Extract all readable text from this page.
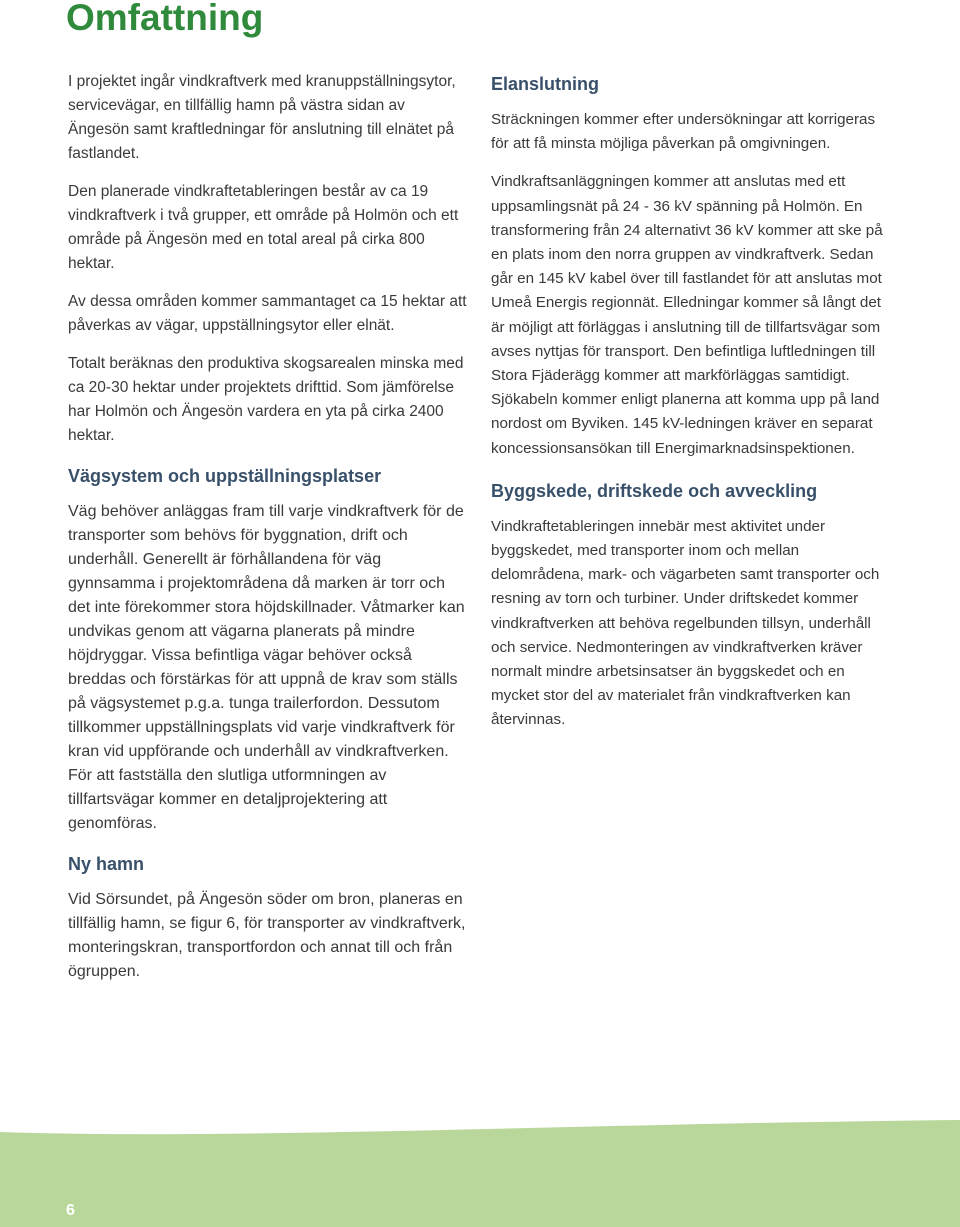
Omfattning

I projektet ingår vindkraftverk med kranuppställningsytor, servicevägar, en tillfällig hamn på västra sidan av Ängesön samt kraftledningar för anslutning till elnätet på fastlandet.

Den planerade vindkraftetableringen består av ca 19 vindkraftverk i två grupper, ett område på Holmön och ett område på Ängesön med en total areal på cirka 800 hektar.

Av dessa områden kommer sammantaget ca 15 hektar att påverkas av vägar, uppställningsytor eller elnät.

Totalt beräknas den produktiva skogsarealen minska med ca 20-30 hektar under projektets drifttid. Som jämförelse har Holmön och Ängesön vardera en yta på cirka 2400 hektar.

Vägsystem och uppställningsplatser

Väg behöver anläggas fram till varje vindkraftverk för de transporter som behövs för byggnation, drift och underhåll. Generellt är förhållandena för väg gynnsamma i projektområdena då marken är torr och det inte förekommer stora höjdskillnader. Våtmarker kan undvikas genom att vägarna planerats på mindre höjdryggar. Vissa befintliga vägar behöver också breddas och förstärkas för att uppnå de krav som ställs på vägsystemet p.g.a. tunga trailerfordon. Dessutom tillkommer uppställningsplats vid varje vindkraftverk för kran vid uppförande och underhåll av vindkraftverken. För att fastställa den slutliga utformningen av tillfartsvägar kommer en detaljprojektering att genomföras.

Ny hamn

Vid Sörsundet, på Ängesön söder om bron, planeras en tillfällig hamn, se figur 6, för transporter av vindkraftverk, monteringskran, transportfordon och annat till och från ögruppen.

Elanslutning

Sträckningen kommer efter undersökningar att korrigeras för att få minsta möjliga påverkan på omgivningen.

Vindkraftsanläggningen kommer att anslutas med ett uppsamlingsnät på 24 - 36 kV spänning på Holmön. En transformering från 24 alternativt 36 kV kommer att ske på en plats inom den norra gruppen av vindkraftverk. Sedan går en 145 kV kabel över till fastlandet för att anslutas mot Umeå Energis regionnät. Elledningar kommer så långt det är möjligt att förläggas i anslutning till de tillfartsvägar som avses nyttjas för transport. Den befintliga luftledningen till Stora Fjäderägg kommer att markförläggas samtidigt. Sjökabeln kommer enligt planerna att komma upp på land nordost om Byviken. 145 kV-ledningen kräver en separat koncessionsansökan till Energimarknadsinspektionen.

Byggskede, driftskede och avveckling

Vindkraftetableringen innebär mest aktivitet under byggskedet, med transporter inom och mellan delområdena, mark- och vägarbeten samt transporter och resning av torn och turbiner. Under driftskedet kommer vindkraftverken att behöva regelbunden tillsyn, underhåll och service. Nedmonteringen av vindkraftverken kräver normalt mindre arbetsinsatser än byggskedet och en mycket stor del av materialet från vindkraftverken kan återvinnas.

6
